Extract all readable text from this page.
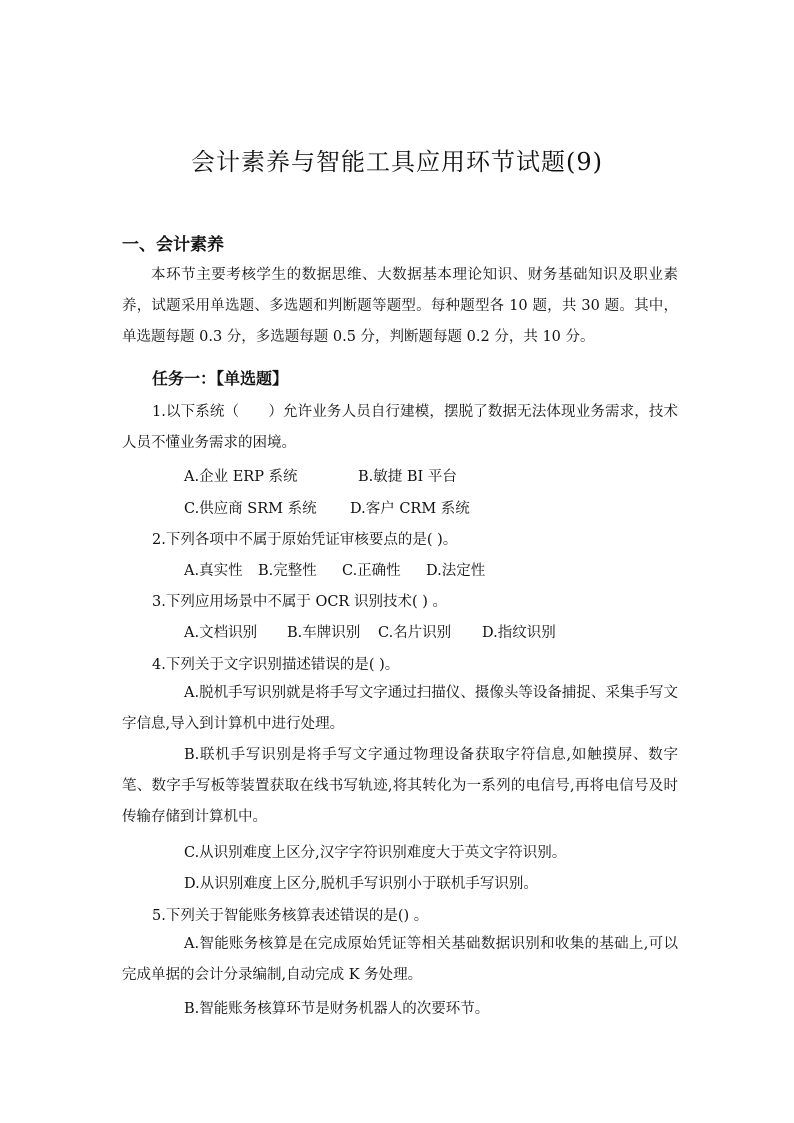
会计素养与智能工具应用环节试题(9)
一、会计素养
本环节主要考核学生的数据思维、大数据基本理论知识、财务基础知识及职业素养，试题采用单选题、多选题和判断题等题型。每种题型各 10 题，共 30 题。其中，单选题每题 0.3 分，多选题每题 0.5 分，判断题每题 0.2 分，共 10 分。
任务一：【单选题】
1.以下系统（　　）允许业务人员自行建模，摆脱了数据无法体现业务需求，技术人员不懂业务需求的困境。
A.企业 ERP 系统	B.敏捷 BI 平台
C.供应商 SRM 系统 D.客户 CRM 系统
2.下列各项中不属于原始凭证审核要点的是( )。
A.真实性 B.完整性 C.正确性 D.法定性
3.下列应用场景中不属于 OCR 识别技术( ) 。
A.文档识别 B.车牌识别 C.名片识别 D.指纹识别
4.下列关于文字识别描述错误的是( )。
A.脱机手写识别就是将手写文字通过扫描仪、摄像头等设备捕捉、采集手写文字信息,导入到计算机中进行处理。
B.联机手写识别是将手写文字通过物理设备获取字符信息,如触摸屏、数字笔、数字手写板等装置获取在线书写轨迹,将其转化为一系列的电信号,再将电信号及时传输存储到计算机中。
C.从识别难度上区分,汉字字符识别难度大于英文字符识别。
D.从识别难度上区分,脱机手写识别小于联机手写识别。
5.下列关于智能账务核算表述错误的是() 。
A.智能账务核算是在完成原始凭证等相关基础数据识别和收集的基础上,可以完成单据的会计分录编制,自动完成 K 务处理。
B.智能账务核算环节是财务机器人的次要环节。
